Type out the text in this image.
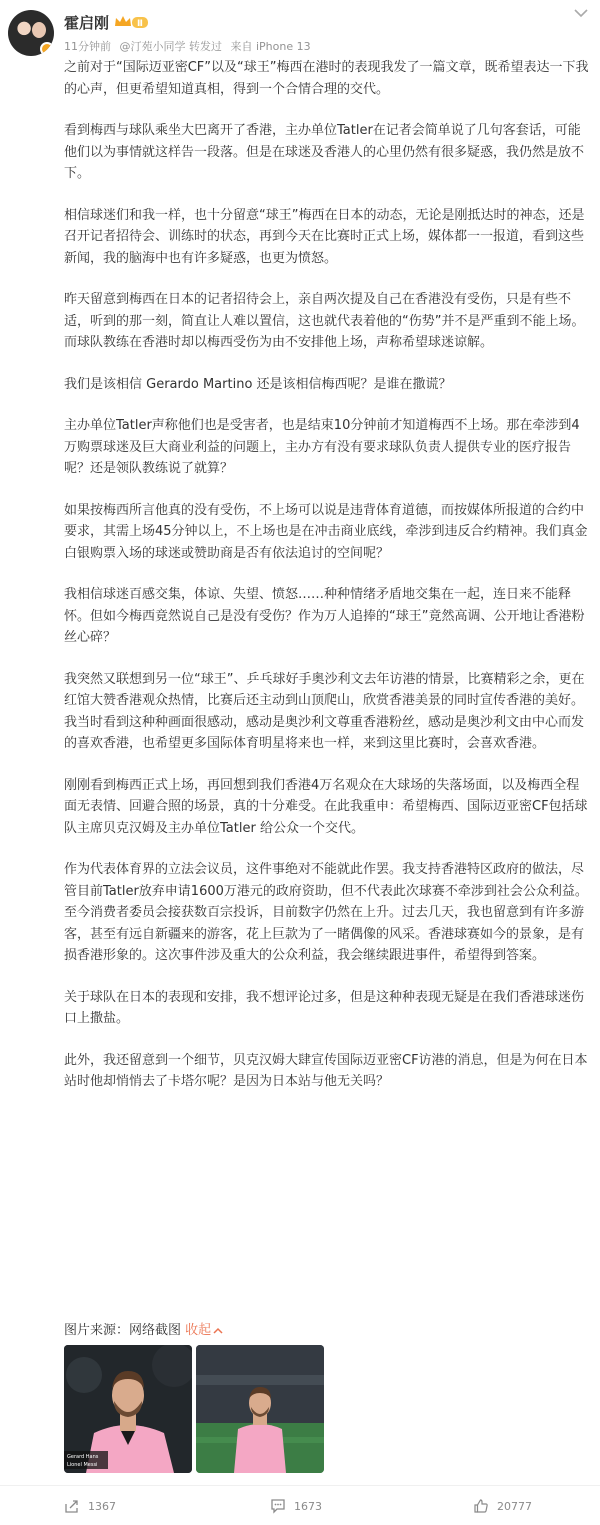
霍启刚	Ⅱ
11分钟前 @汀苑小同学 转发过 来自 iPhone 13

之前对于“国际迈亚密CF”以及“球王”梅西在港时的表现我发了一篇文章，既希望表达一下我的心声，但更希望知道真相，得到一个合情合理的交代。

看到梅西与球队乘坐大巴离开了香港，主办单位Tatler在记者会简单说了几句客套话，可能他们以为事情就这样告一段落。但是在球迷及香港人的心里仍然有很多疑惑，我仍然是放不下。

相信球迷们和我一样，也十分留意“球王”梅西在日本的动态，无论是刚抵达时的神态，还是召开记者招待会、训练时的状态，再到今天在比赛时正式上场，媒体都一一报道，看到这些新闻，我的脑海中也有许多疑惑，也更为愤怒。

昨天留意到梅西在日本的记者招待会上，亲自两次提及自己在香港没有受伤，只是有些不适，听到的那一刻，简直让人难以置信，这也就代表着他的“伤势”并不是严重到不能上场。而球队教练在香港时却以梅西受伤为由不安排他上场，声称希望球迷谅解。

我们是该相信 Gerardo Martino 还是该相信梅西呢？是谁在撒谎？

主办单位Tatler声称他们也是受害者，也是结束10分钟前才知道梅西不上场。那在牵涉到4万购票球迷及巨大商业利益的问题上，主办方有没有要求球队负责人提供专业的医疗报告呢？还是领队教练说了就算？

如果按梅西所言他真的没有受伤，不上场可以说是违背体育道德，而按媒体所报道的合约中要求，其需上场45分钟以上，不上场也是在冲击商业底线，牵涉到违反合约精神。我们真金白银购票入场的球迷或赞助商是否有依法追讨的空间呢？

我相信球迷百感交集，体谅、失望、愤怒……种种情绪矛盾地交集在一起，连日来不能释怀。但如今梅西竟然说自己是没有受伤？作为万人追捧的“球王”竟然高调、公开地让香港粉丝心碎？

我突然又联想到另一位“球王”、乒乓球好手奥沙利文去年访港的情景，比赛精彩之余，更在红馆大赞香港观众热情，比赛后还主动到山顶爬山，欣赏香港美景的同时宣传香港的美好。我当时看到这种种画面很感动，感动是奥沙利文尊重香港粉丝，感动是奥沙利文由中心而发的喜欢香港，也希望更多国际体育明星将来也一样，来到这里比赛时，会喜欢香港。

刚刚看到梅西正式上场，再回想到我们香港4万名观众在大球场的失落场面，以及梅西全程面无表情、回避合照的场景，真的十分难受。在此我重申：希望梅西、国际迈亚密CF包括球队主席贝克汉姆及主办单位Tatler 给公众一个交代。

作为代表体育界的立法会议员，这件事绝对不能就此作罢。我支持香港特区政府的做法，尽管目前Tatler放弃申请1600万港元的政府资助，但不代表此次球赛不牵涉到社会公众利益。至今消费者委员会接获数百宗投诉，目前数字仍然在上升。过去几天，我也留意到有许多游客，甚至有远自新疆来的游客，花上巨款为了一睹偶像的风采。香港球赛如今的景象，是有损香港形象的。这次事件涉及重大的公众利益，我会继续跟进事件，希望得到答案。

关于球队在日本的表现和安排，我不想评论过多，但是这种种表现无疑是在我们香港球迷伤口上撒盐。

此外，我还留意到一个细节，贝克汉姆大肆宣传国际迈亚密CF访港的消息，但是为何在日本站时他却悄悄去了卡塔尔呢？是因为日本站与他无关吗？

图片来源：网络截图 收起
Gerard Hans
Lionel Messi
1367	1673	20777
